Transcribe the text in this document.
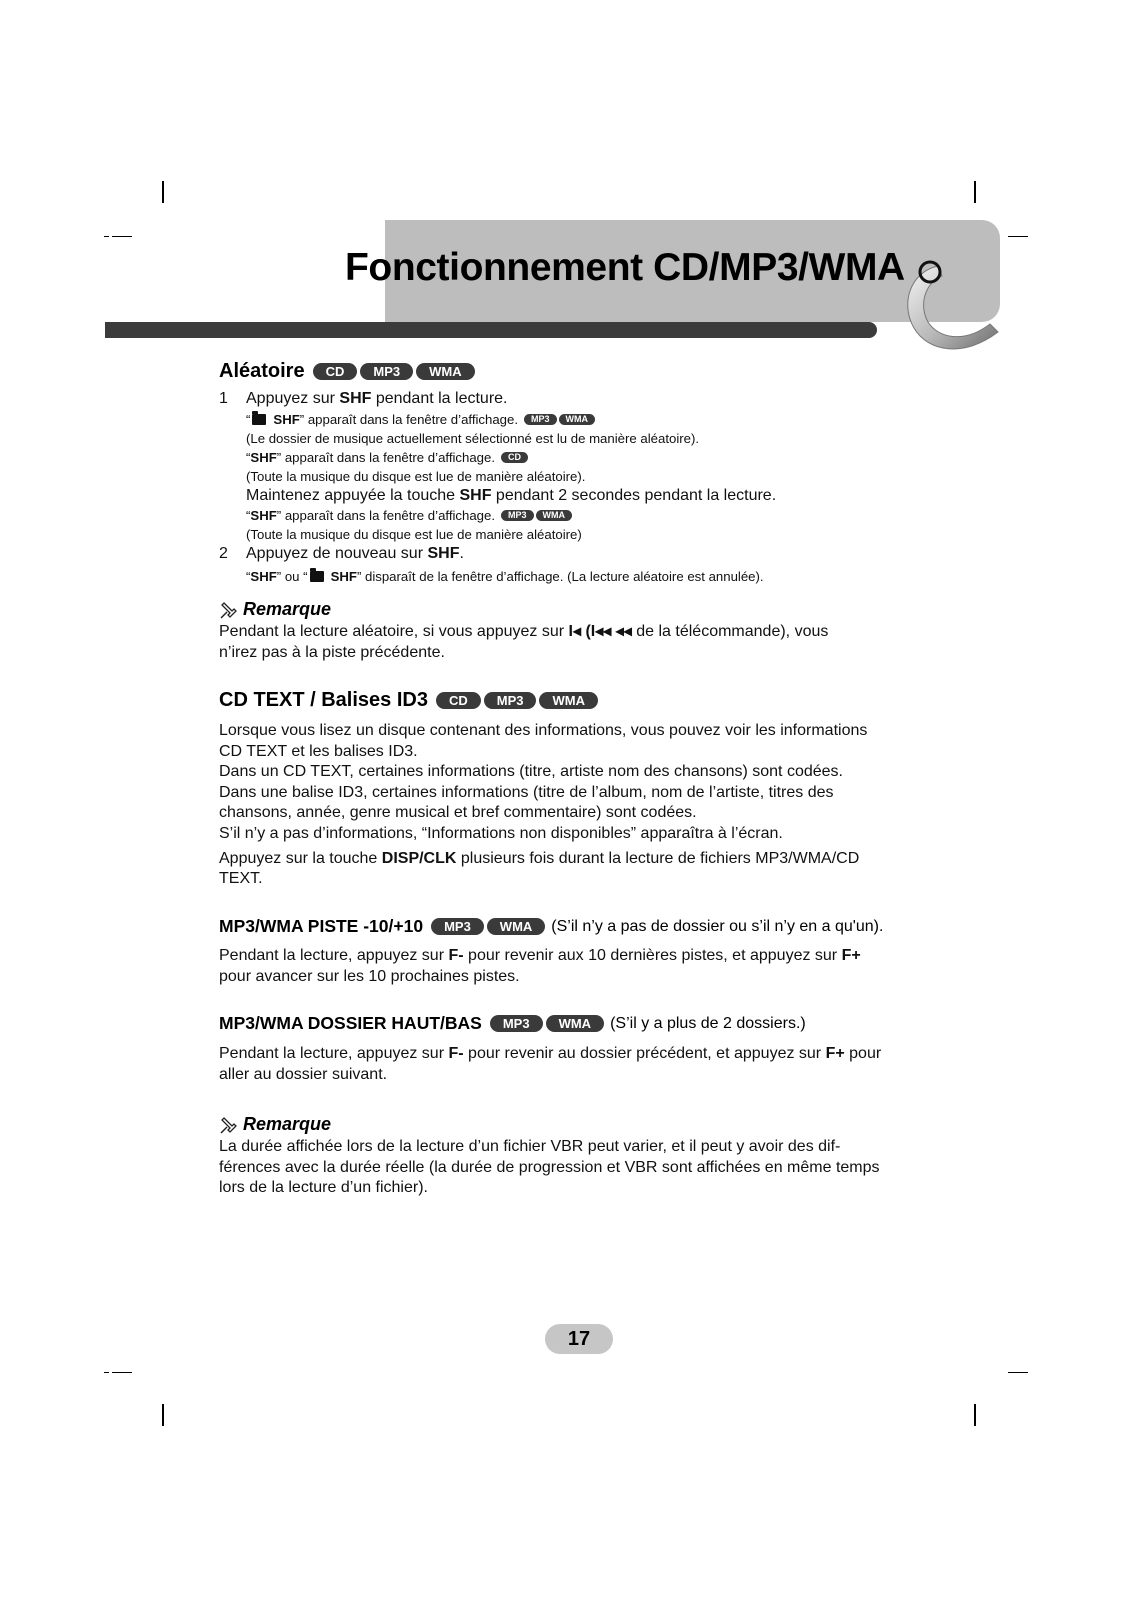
Fonctionnement CD/MP3/WMA
Aléatoire	CD	MP3	WMA
1	Appuyez sur SHF pendant la lecture.
“ SHF ” apparaît dans la fenêtre d’affichage.	MP3	WMA
(Le dossier de musique actuellement sélectionné est lu de manière aléatoire).
“ SHF ” apparaît dans la fenêtre d’affichage.	CD
(Toute la musique du disque est lue de manière aléatoire).
Maintenez appuyée la touche SHF pendant 2 secondes pendant la lecture.
“ SHF ” apparaît dans la fenêtre d’affichage.	MP3	WMA
(Toute la musique du disque est lue de manière aléatoire)
2	Appuyez de nouveau sur SHF.
“ SHF ” ou “ SHF ” disparaît de la fenêtre d’affichage. (La lecture aléatoire est annulée).
Remarque
Pendant la lecture aléatoire, si vous appuyez sur I◂ (I◂◂ ◂◂ de la télécommande), vous
n’irez pas à la piste précédente.
CD TEXT / Balises ID3	CD	MP3	WMA
Lorsque vous lisez un disque contenant des informations, vous pouvez voir les informations
CD TEXT et les balises ID3.
Dans un CD TEXT, certaines informations (titre, artiste nom des chansons) sont codées.
Dans une balise ID3, certaines informations (titre de l’album, nom de l’artiste, titres des
chansons, année, genre musical et bref commentaire) sont codées.
S’il n’y a pas d’informations, “Informations non disponibles” apparaîtra à l’écran.
Appuyez sur la touche DISP/CLK plusieurs fois durant la lecture de fichiers MP3/WMA/CD
TEXT.
MP3/WMA PISTE -10/+10	MP3	WMA	(S’il n’y a pas de dossier ou s’il n’y en a qu'un).
Pendant la lecture, appuyez sur F- pour revenir aux 10 dernières pistes, et appuyez sur F+
pour avancer sur les 10 prochaines pistes.
MP3/WMA DOSSIER HAUT/BAS	MP3	WMA	(S’il y a plus de 2 dossiers.)
Pendant la lecture, appuyez sur F- pour revenir au dossier précédent, et appuyez sur F+ pour
aller au dossier suivant.
Remarque
La durée affichée lors de la lecture d’un fichier VBR peut varier, et il peut y avoir des dif-
férences avec la durée réelle (la durée de progression et VBR sont affichées en même temps
lors de la lecture d’un fichier).
17
